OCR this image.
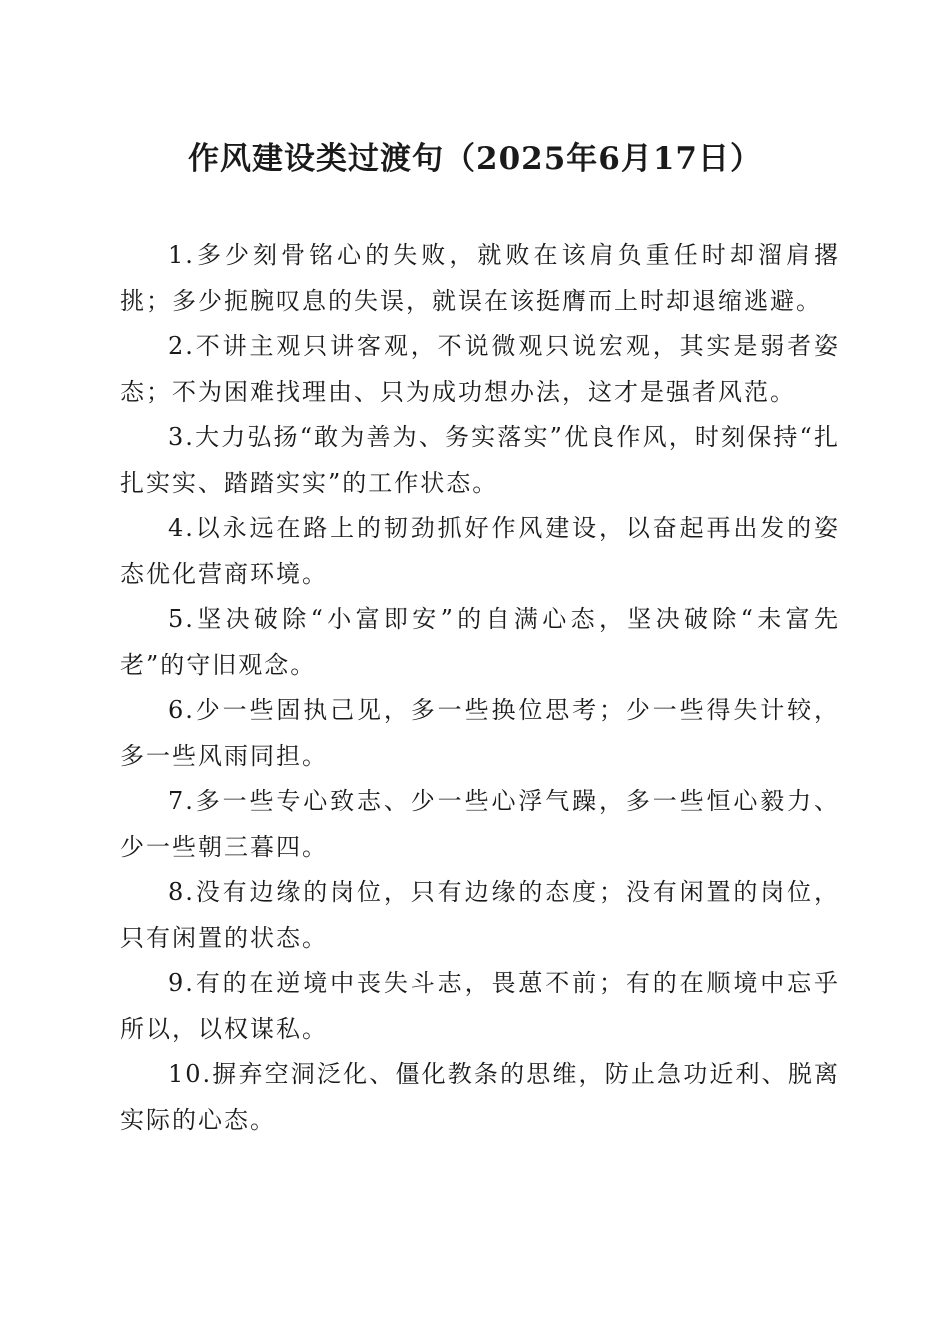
作风建设类过渡句（2025年6月17日）

1.多少刻骨铭心的失败，就败在该肩负重任时却溜肩撂挑；多少扼腕叹息的失误，就误在该挺膺而上时却退缩逃避。

2.不讲主观只讲客观，不说微观只说宏观，其实是弱者姿态；不为困难找理由、只为成功想办法，这才是强者风范。

3.大力弘扬“敢为善为、务实落实”优良作风，时刻保持“扎扎实实、踏踏实实”的工作状态。

4.以永远在路上的韧劲抓好作风建设，以奋起再出发的姿态优化营商环境。

5.坚决破除“小富即安”的自满心态，坚决破除“未富先老”的守旧观念。

6.少一些固执己见，多一些换位思考；少一些得失计较，多一些风雨同担。

7.多一些专心致志、少一些心浮气躁，多一些恒心毅力、少一些朝三暮四。

8.没有边缘的岗位，只有边缘的态度；没有闲置的岗位，只有闲置的状态。

9.有的在逆境中丧失斗志，畏葸不前；有的在顺境中忘乎所以，以权谋私。

10.摒弃空洞泛化、僵化教条的思维，防止急功近利、脱离实际的心态。
